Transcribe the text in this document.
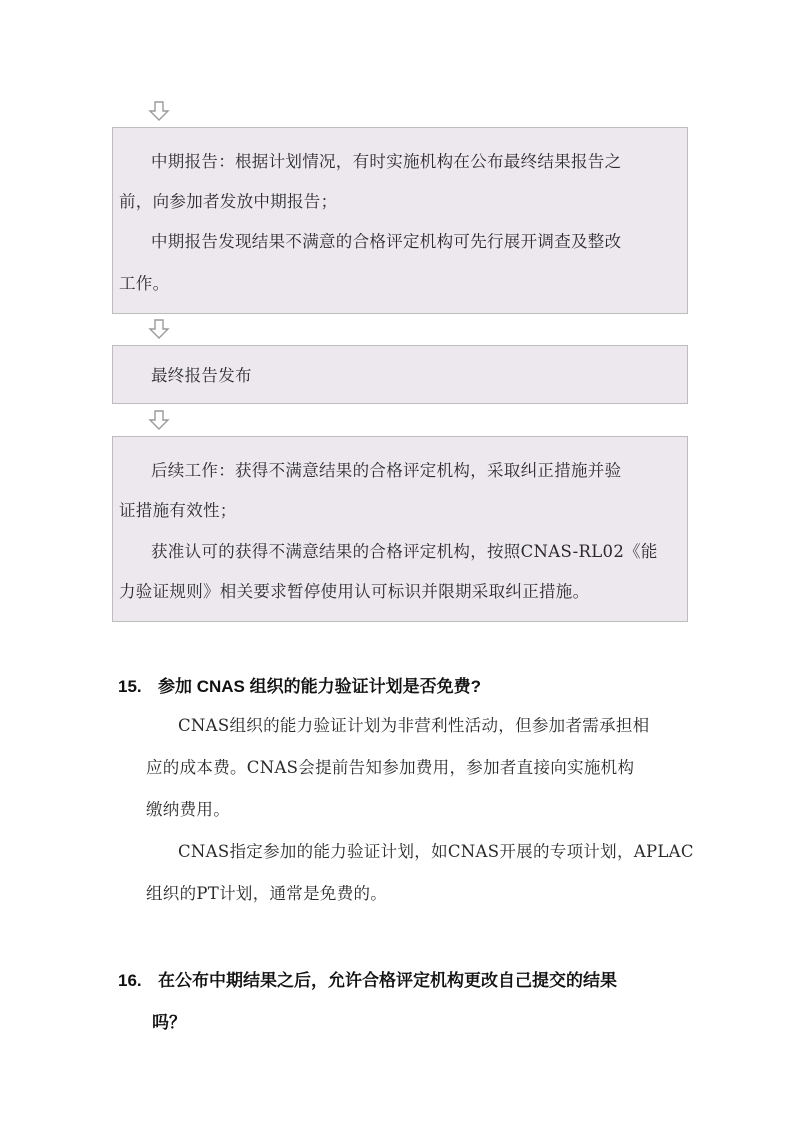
中期报告：根据计划情况，有时实施机构在公布最终结果报告之
前，向参加者发放中期报告；
中期报告发现结果不满意的合格评定机构可先行展开调查及整改
工作。
最终报告发布
后续工作：获得不满意结果的合格评定机构，采取纠正措施并验
证措施有效性；
获准认可的获得不满意结果的合格评定机构，按照CNAS-RL02《能
力验证规则》相关要求暂停使用认可标识并限期采取纠正措施。
15. 参加 CNAS 组织的能力验证计划是否免费?
CNAS组织的能力验证计划为非营利性活动，但参加者需承担相
应的成本费。CNAS会提前告知参加费用，参加者直接向实施机构
缴纳费用。
CNAS指定参加的能力验证计划，如CNAS开展的专项计划，APLAC
组织的PT计划，通常是免费的。
16. 在公布中期结果之后，允许合格评定机构更改自己提交的结果
吗？
